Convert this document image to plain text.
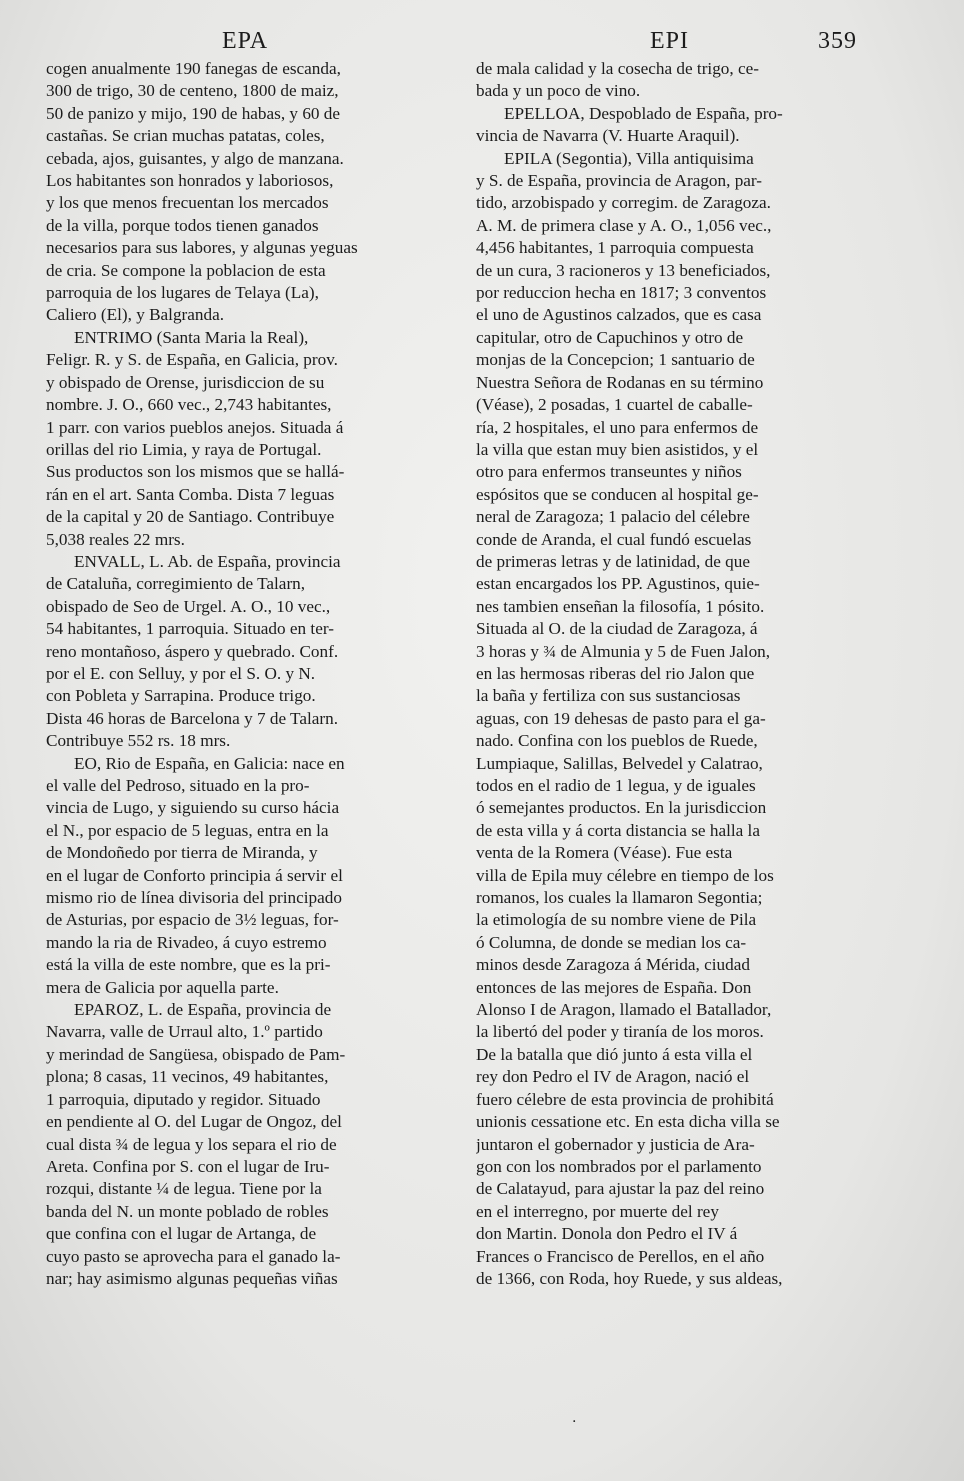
EPA	EPI	359
cogen anualmente 190 fanegas de escanda,
300 de trigo, 30 de centeno, 1800 de maiz,
50 de panizo y mijo, 190 de habas, y 60 de
castañas. Se crian muchas patatas, coles,
cebada, ajos, guisantes, y algo de manzana.
Los habitantes son honrados y laboriosos,
y los que menos frecuentan los mercados
de la villa, porque todos tienen ganados
necesarios para sus labores, y algunas yeguas
de cria. Se compone la poblacion de esta
parroquia de los lugares de Telaya (La),
Caliero (El), y Balgranda.
ENTRIMO (Santa Maria la Real),
Feligr. R. y S. de España, en Galicia, prov.
y obispado de Orense, jurisdiccion de su
nombre. J. O., 660 vec., 2,743 habitantes,
1 parr. con varios pueblos anejos. Situada á
orillas del rio Limia, y raya de Portugal.
Sus productos son los mismos que se hallá-
rán en el art. Santa Comba. Dista 7 leguas
de la capital y 20 de Santiago. Contribuye
5,038 reales 22 mrs.
ENVALL, L. Ab. de España, provincia
de Cataluña, corregimiento de Talarn,
obispado de Seo de Urgel. A. O., 10 vec.,
54 habitantes, 1 parroquia. Situado en ter-
reno montañoso, áspero y quebrado. Conf.
por el E. con Selluy, y por el S. O. y N.
con Pobleta y Sarrapina. Produce trigo.
Dista 46 horas de Barcelona y 7 de Talarn.
Contribuye 552 rs. 18 mrs.
EO, Rio de España, en Galicia: nace en
el valle del Pedroso, situado en la pro-
vincia de Lugo, y siguiendo su curso hácia
el N., por espacio de 5 leguas, entra en la
de Mondoñedo por tierra de Miranda, y
en el lugar de Conforto principia á servir el
mismo rio de línea divisoria del principado
de Asturias, por espacio de 3½ leguas, for-
mando la ria de Rivadeo, á cuyo estremo
está la villa de este nombre, que es la pri-
mera de Galicia por aquella parte.
EPAROZ, L. de España, provincia de
Navarra, valle de Urraul alto, 1.º partido
y merindad de Sangüesa, obispado de Pam-
plona; 8 casas, 11 vecinos, 49 habitantes,
1 parroquia, diputado y regidor. Situado
en pendiente al O. del Lugar de Ongoz, del
cual dista ¾ de legua y los separa el rio de
Areta. Confina por S. con el lugar de Iru-
rozqui, distante ¼ de legua. Tiene por la
banda del N. un monte poblado de robles
que confina con el lugar de Artanga, de
cuyo pasto se aprovecha para el ganado la-
nar; hay asimismo algunas pequeñas viñas
de mala calidad y la cosecha de trigo, ce-
bada y un poco de vino.
EPELLOA, Despoblado de España, pro-
vincia de Navarra (V. Huarte Araquil).
EPILA (Segontia), Villa antiquisima
y S. de España, provincia de Aragon, par-
tido, arzobispado y corregim. de Zaragoza.
A. M. de primera clase y A. O., 1,056 vec.,
4,456 habitantes, 1 parroquia compuesta
de un cura, 3 racioneros y 13 beneficiados,
por reduccion hecha en 1817; 3 conventos
el uno de Agustinos calzados, que es casa
capitular, otro de Capuchinos y otro de
monjas de la Concepcion; 1 santuario de
Nuestra Señora de Rodanas en su término
(Véase), 2 posadas, 1 cuartel de caballe-
ría, 2 hospitales, el uno para enfermos de
la villa que estan muy bien asistidos, y el
otro para enfermos transeuntes y niños
espósitos que se conducen al hospital ge-
neral de Zaragoza; 1 palacio del célebre
conde de Aranda, el cual fundó escuelas
de primeras letras y de latinidad, de que
estan encargados los PP. Agustinos, quie-
nes tambien enseñan la filosofía, 1 pósito.
Situada al O. de la ciudad de Zaragoza, á
3 horas y ¾ de Almunia y 5 de Fuen Jalon,
en las hermosas riberas del rio Jalon que
la baña y fertiliza con sus sustanciosas
aguas, con 19 dehesas de pasto para el ga-
nado. Confina con los pueblos de Ruede,
Lumpiaque, Salillas, Belvedel y Calatrao,
todos en el radio de 1 legua, y de iguales
ó semejantes productos. En la jurisdiccion
de esta villa y á corta distancia se halla la
venta de la Romera (Véase). Fue esta
villa de Epila muy célebre en tiempo de los
romanos, los cuales la llamaron Segontia;
la etimología de su nombre viene de Pila
ó Columna, de donde se median los ca-
minos desde Zaragoza á Mérida, ciudad
entonces de las mejores de España. Don
Alonso I de Aragon, llamado el Batallador,
la libertó del poder y tiranía de los moros.
De la batalla que dió junto á esta villa el
rey don Pedro el IV de Aragon, nació el
fuero célebre de esta provincia de prohibitá
unionis cessatione etc. En esta dicha villa se
juntaron el gobernador y justicia de Ara-
gon con los nombrados por el parlamento
de Calatayud, para ajustar la paz del reino
en el interregno, por muerte del rey
don Martin. Donola don Pedro el IV á
Frances o Francisco de Perellos, en el año
de 1366, con Roda, hoy Ruede, y sus aldeas,
.
